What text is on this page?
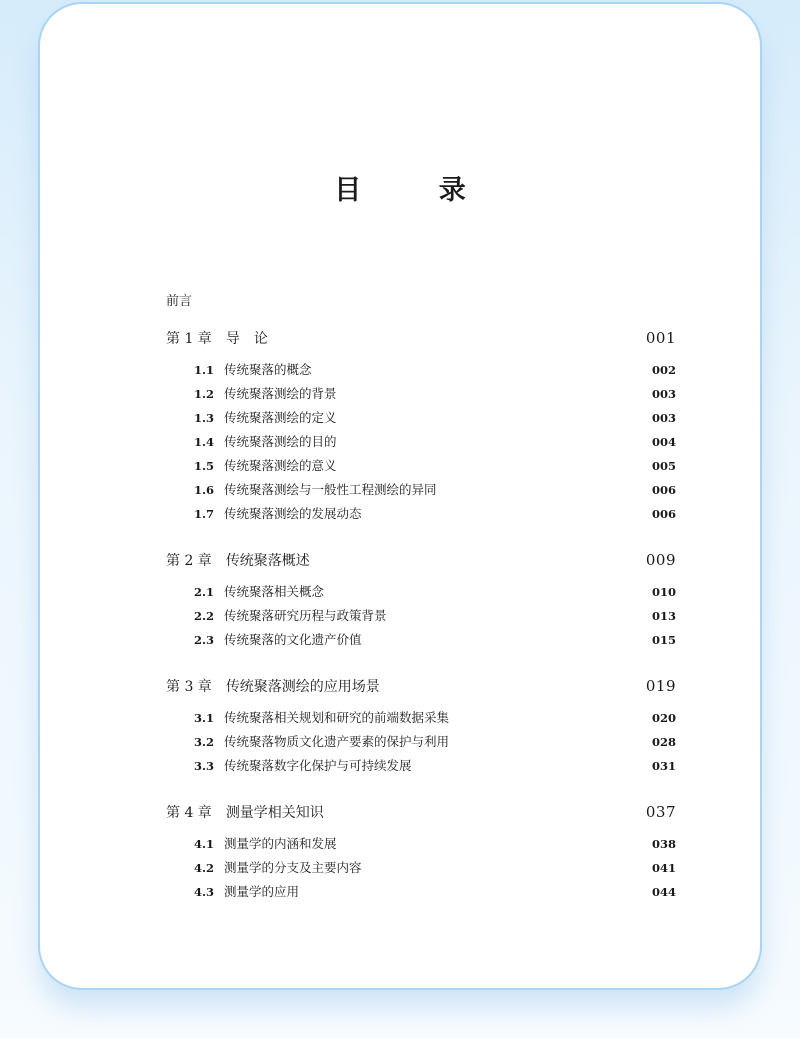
目 录
前言
第 1 章 导　论	001
1.1 传统聚落的概念	002
1.2 传统聚落测绘的背景	003
1.3 传统聚落测绘的定义	003
1.4 传统聚落测绘的目的	004
1.5 传统聚落测绘的意义	005
1.6 传统聚落测绘与一般性工程测绘的异同	006
1.7 传统聚落测绘的发展动态	006
第 2 章 传统聚落概述	009
2.1 传统聚落相关概念	010
2.2 传统聚落研究历程与政策背景	013
2.3 传统聚落的文化遗产价值	015
第 3 章 传统聚落测绘的应用场景	019
3.1 传统聚落相关规划和研究的前端数据采集	020
3.2 传统聚落物质文化遗产要素的保护与利用	028
3.3 传统聚落数字化保护与可持续发展	031
第 4 章 测量学相关知识	037
4.1 测量学的内涵和发展	038
4.2 测量学的分支及主要内容	041
4.3 测量学的应用	044
